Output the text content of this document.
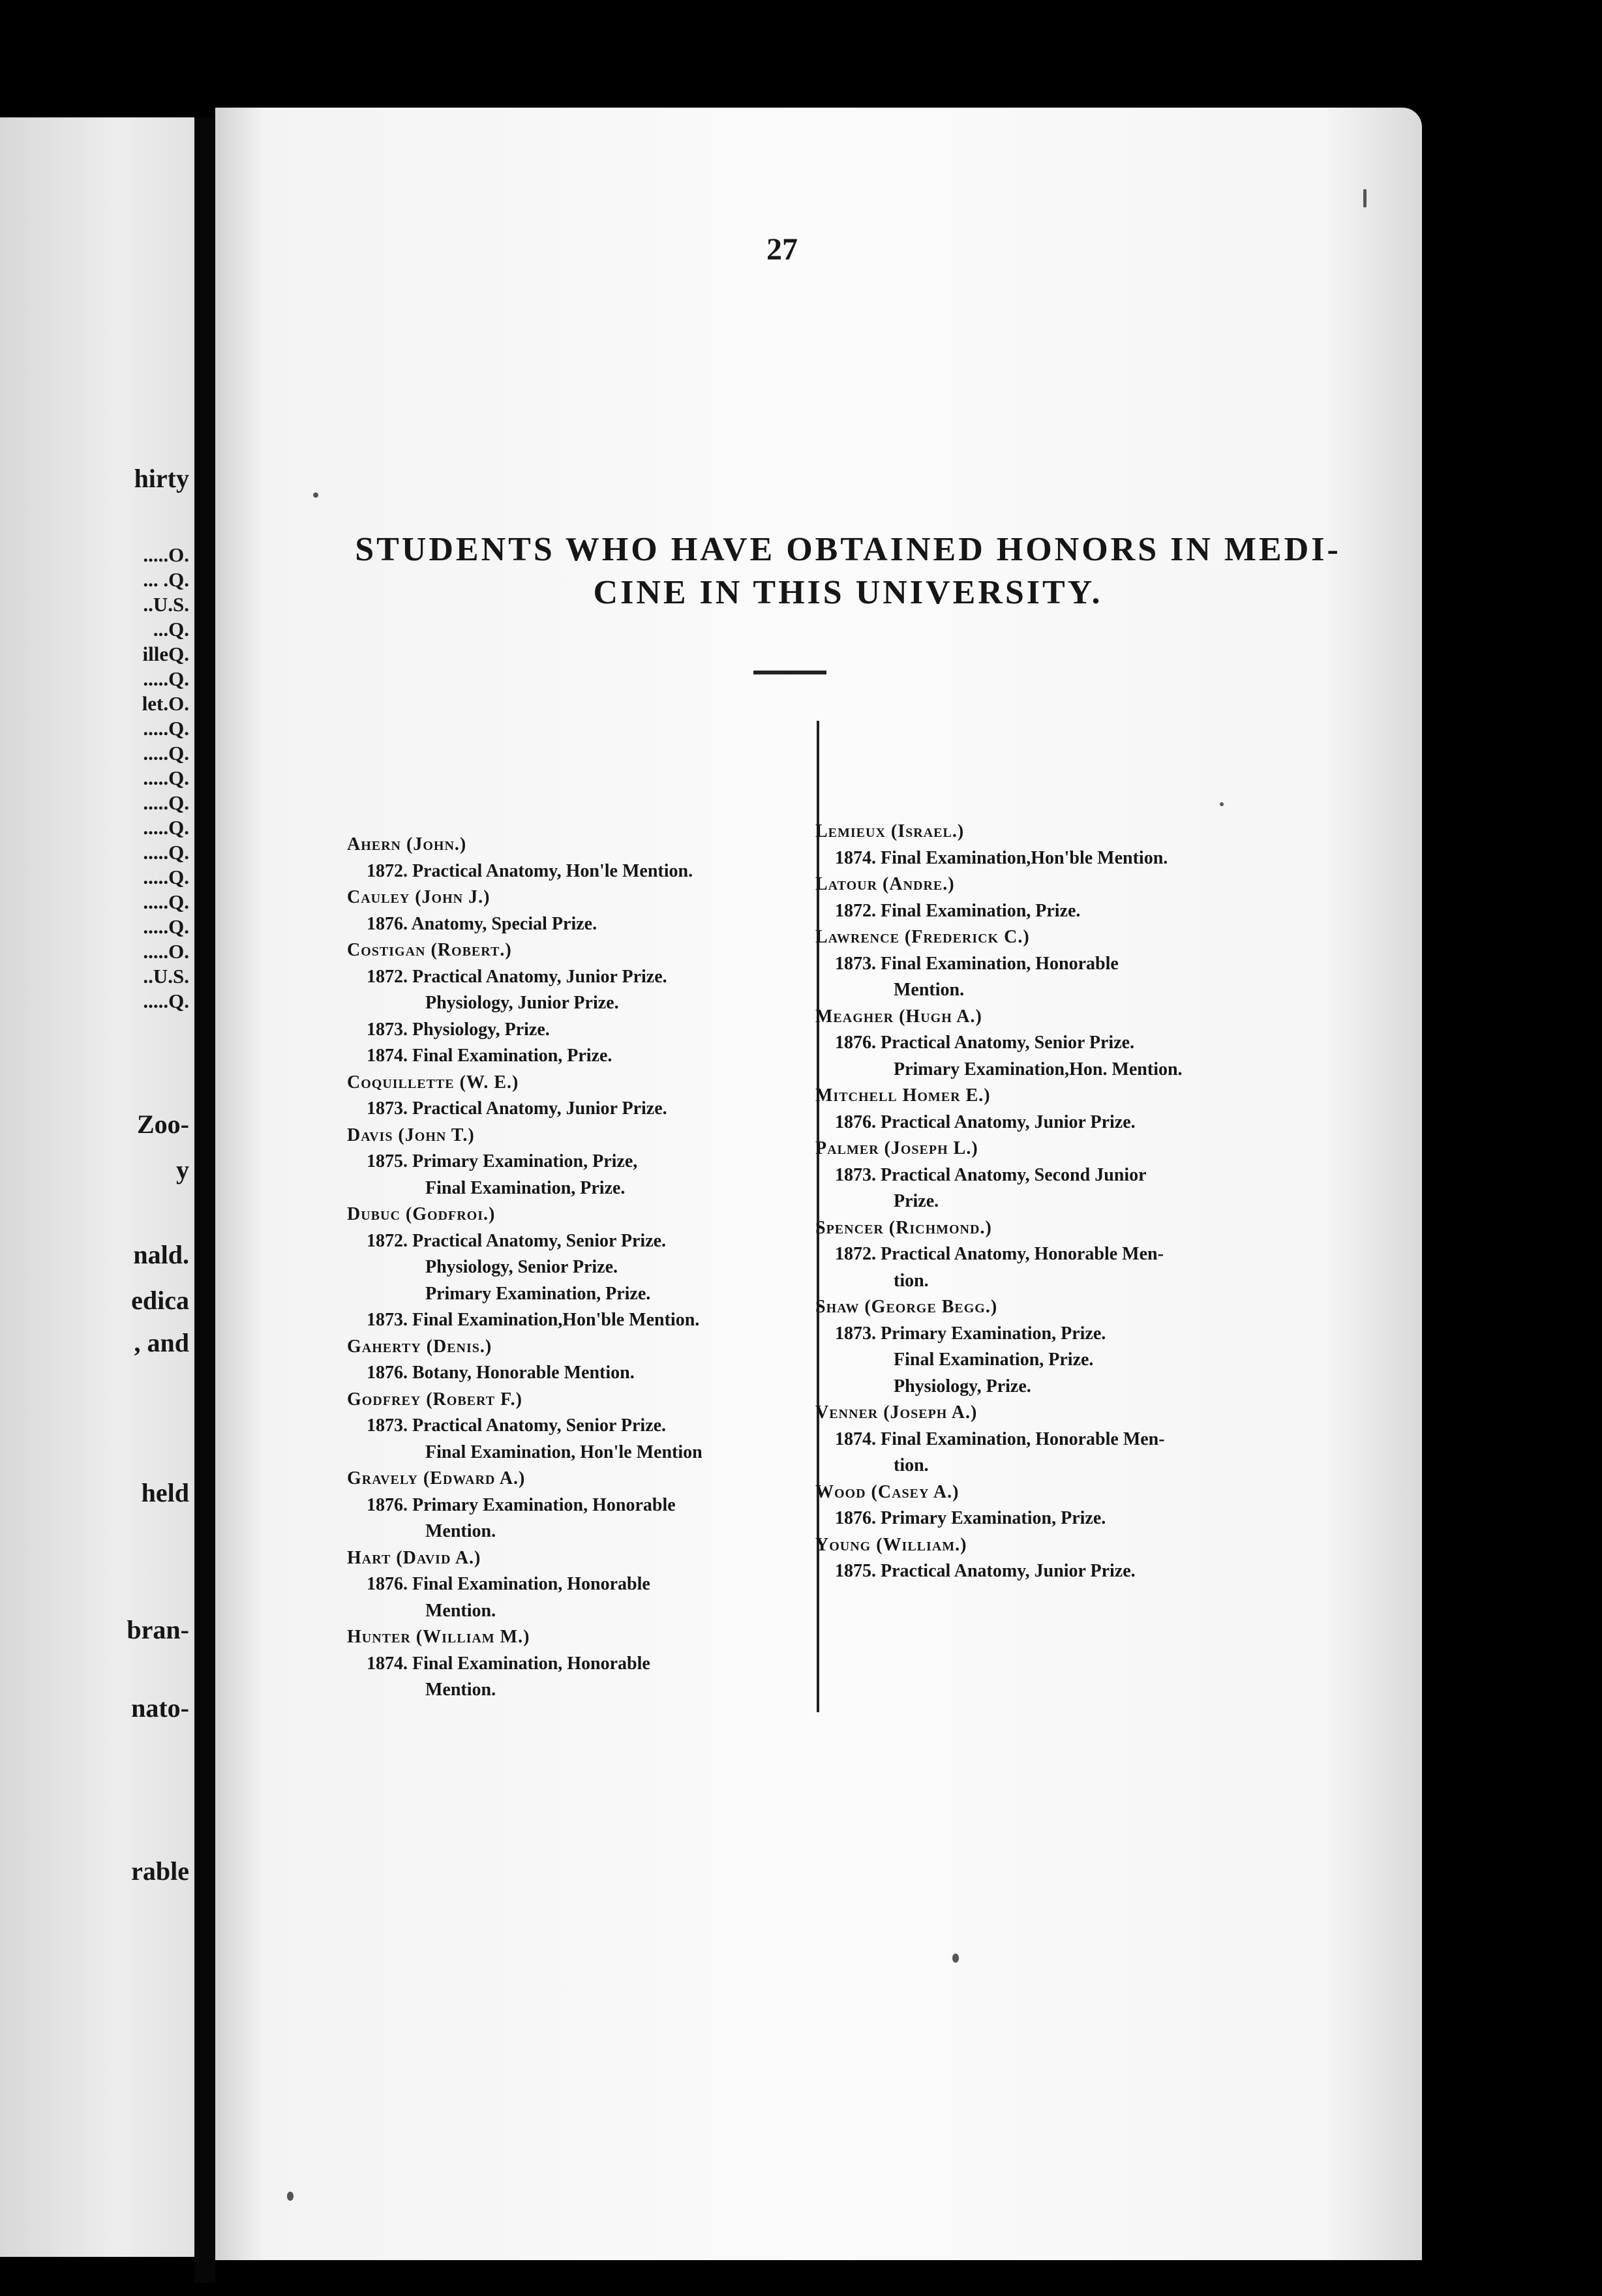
hirty
.....O.
... .Q.
..U.S.
...Q.
illeQ.
.....Q.
let.O.
.....Q.
.....Q.
.....Q.
.....Q.
.....Q.
.....Q.
.....Q.
.....Q.
.....Q.
.....O.
..U.S.
.....Q.
Zoo-
y
nald.
edica
, and
held
bran-
nato-
rable
27
STUDENTS WHO HAVE OBTAINED HONORS IN MEDI-
CINE IN THIS UNIVERSITY.
Ahern (John.)
1872. Practical Anatomy, Hon'le Mention.
Cauley (John J.)
1876. Anatomy, Special Prize.
Costigan (Robert.)
1872. Practical Anatomy, Junior Prize.
Physiology, Junior Prize.
1873. Physiology, Prize.
1874. Final Examination, Prize.
Coquillette (W. E.)
1873. Practical Anatomy, Junior Prize.
Davis (John T.)
1875. Primary Examination, Prize,
Final Examination, Prize.
Dubuc (Godfroi.)
1872. Practical Anatomy, Senior Prize.
Physiology, Senior Prize.
Primary Examination, Prize.
1873. Final Examination,Hon'ble Mention.
Gaherty (Denis.)
1876. Botany, Honorable Mention.
Godfrey (Robert F.)
1873. Practical Anatomy, Senior Prize.
Final Examination, Hon'le Mention
Gravely (Edward A.)
1876. Primary Examination, Honorable
Mention.
Hart (David A.)
1876. Final Examination, Honorable
Mention.
Hunter (William M.)
1874. Final Examination, Honorable
Mention.
Lemieux (Israel.)
1874. Final Examination,Hon'ble Mention.
Latour (Andre.)
1872. Final Examination, Prize.
Lawrence (Frederick C.)
1873. Final Examination, Honorable
Mention.
Meagher (Hugh A.)
1876. Practical Anatomy, Senior Prize.
Primary Examination,Hon. Mention.
Mitchell Homer E.)
1876. Practical Anatomy, Junior Prize.
Palmer (Joseph L.)
1873. Practical Anatomy, Second Junior
Prize.
Spencer (Richmond.)
1872. Practical Anatomy, Honorable Men-
tion.
Shaw (George Begg.)
1873. Primary Examination, Prize.
Final Examination, Prize.
Physiology, Prize.
Venner (Joseph A.)
1874. Final Examination, Honorable Men-
tion.
Wood (Casey A.)
1876. Primary Examination, Prize.
Young (William.)
1875. Practical Anatomy, Junior Prize.
